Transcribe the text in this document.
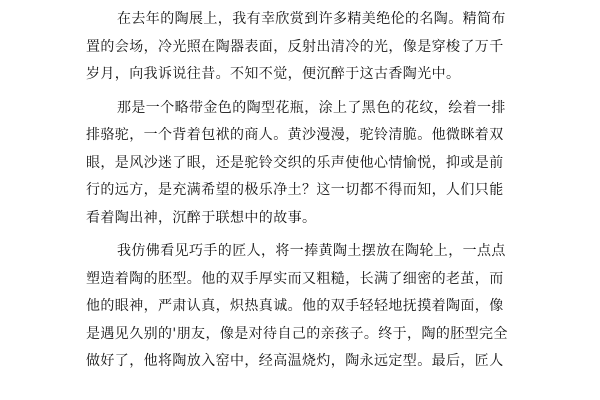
在去年的陶展上，我有幸欣赏到许多精美绝伦的名陶。精简布
置的会场，冷光照在陶器表面，反射出清冷的光，像是穿梭了万千
岁月，向我诉说往昔。不知不觉，便沉醉于这古香陶光中。
那是一个略带金色的陶型花瓶，涂上了黑色的花纹，绘着一排
排骆驼，一个背着包袱的商人。黄沙漫漫，驼铃清脆。他微眯着双
眼，是风沙迷了眼，还是驼铃交织的乐声使他心情愉悦，抑或是前
行的远方，是充满希望的极乐净土？这一切都不得而知，人们只能
看着陶出神，沉醉于联想中的故事。
我仿佛看见巧手的匠人，将一捧黄陶土摆放在陶轮上，一点点
塑造着陶的胚型。他的双手厚实而又粗糙，长满了细密的老茧，而
他的眼神，严肃认真，炽热真诚。他的双手轻轻地抚摸着陶面，像
是遇见久别的'朋友，像是对待自己的亲孩子。终于，陶的胚型完全
做好了，他将陶放入窑中，经高温烧灼，陶永远定型。最后，匠人
